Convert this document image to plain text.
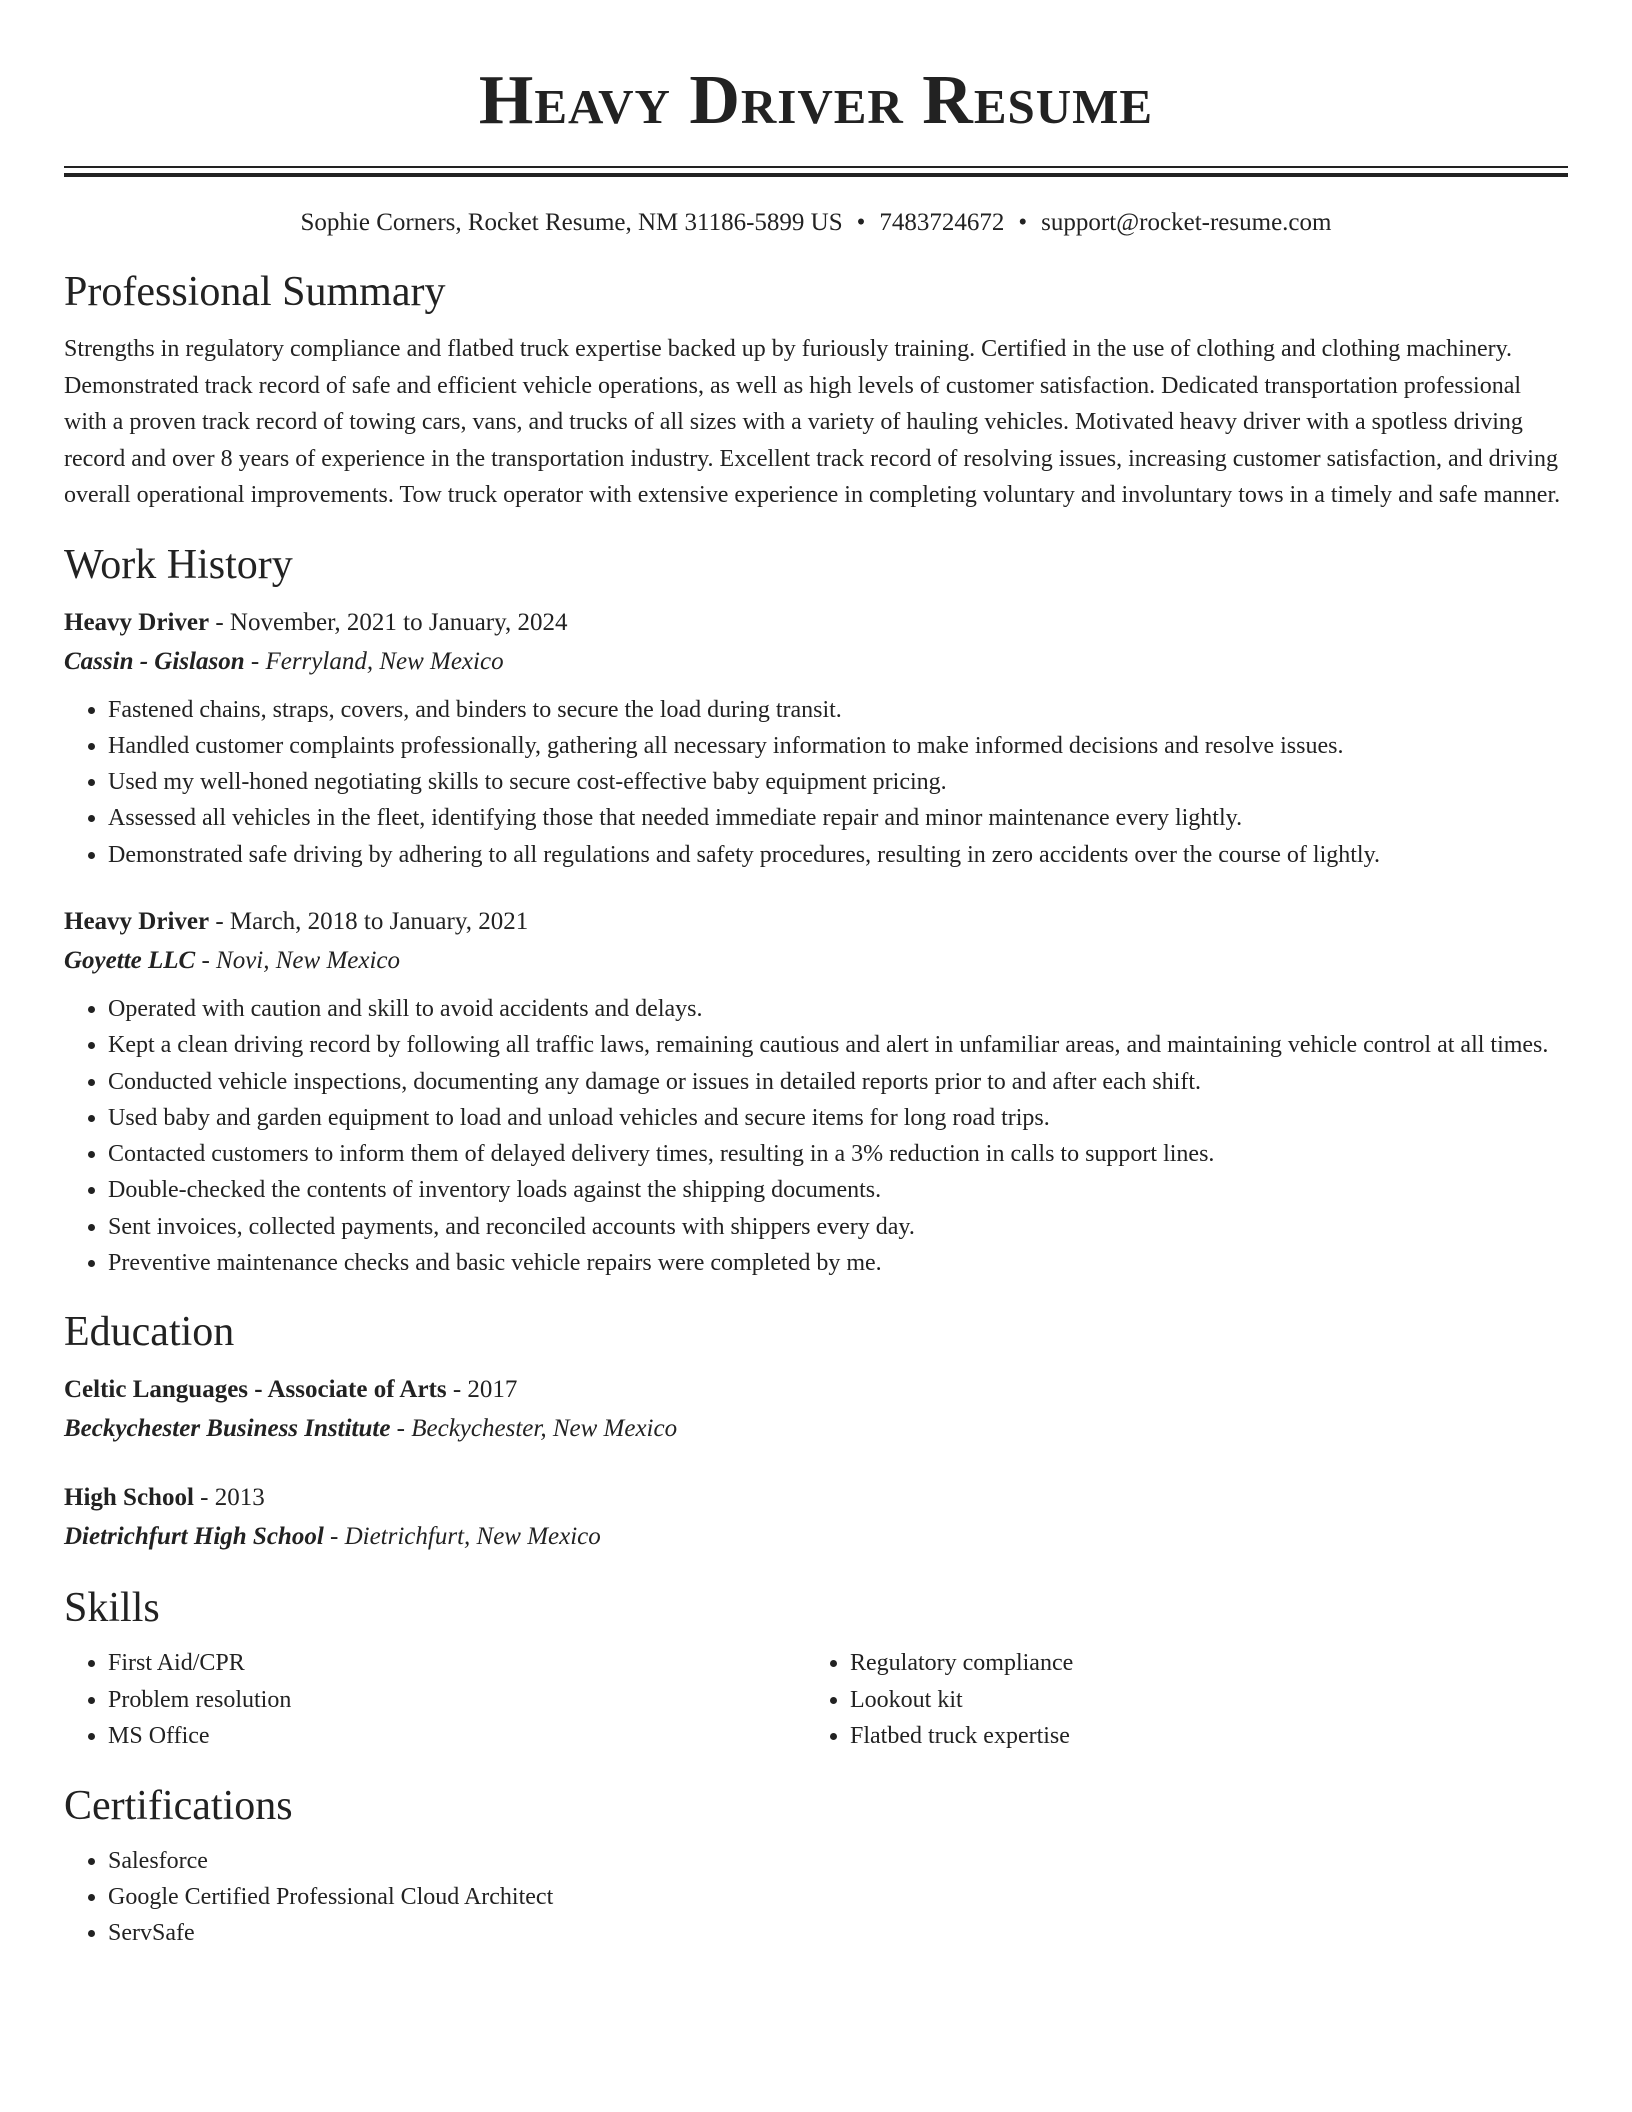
Heavy Driver Resume
Sophie Corners, Rocket Resume, NM 31186-5899 US • 7483724672 • support@rocket-resume.com
Professional Summary

Strengths in regulatory compliance and flatbed truck expertise backed up by furiously training. Certified in the use of clothing and clothing machinery. Demonstrated track record of safe and efficient vehicle operations, as well as high levels of customer satisfaction. Dedicated transportation professional with a proven track record of towing cars, vans, and trucks of all sizes with a variety of hauling vehicles. Motivated heavy driver with a spotless driving record and over 8 years of experience in the transportation industry. Excellent track record of resolving issues, increasing customer satisfaction, and driving overall operational improvements. Tow truck operator with extensive experience in completing voluntary and involuntary tows in a timely and safe manner.

Work History

Heavy Driver - November, 2021 to January, 2024

Cassin - Gislason - Ferryland, New Mexico

• Fastened chains, straps, covers, and binders to secure the load during transit.
• Handled customer complaints professionally, gathering all necessary information to make informed decisions and resolve issues.
• Used my well-honed negotiating skills to secure cost-effective baby equipment pricing.
• Assessed all vehicles in the fleet, identifying those that needed immediate repair and minor maintenance every lightly.
• Demonstrated safe driving by adhering to all regulations and safety procedures, resulting in zero accidents over the course of lightly.

Heavy Driver - March, 2018 to January, 2021

Goyette LLC - Novi, New Mexico

• Operated with caution and skill to avoid accidents and delays.
• Kept a clean driving record by following all traffic laws, remaining cautious and alert in unfamiliar areas, and maintaining vehicle control at all times.
• Conducted vehicle inspections, documenting any damage or issues in detailed reports prior to and after each shift.
• Used baby and garden equipment to load and unload vehicles and secure items for long road trips.
• Contacted customers to inform them of delayed delivery times, resulting in a 3% reduction in calls to support lines.
• Double-checked the contents of inventory loads against the shipping documents.
• Sent invoices, collected payments, and reconciled accounts with shippers every day.
• Preventive maintenance checks and basic vehicle repairs were completed by me.
Education

Celtic Languages - Associate of Arts - 2017

Beckychester Business Institute - Beckychester, New Mexico

High School - 2013

Dietrichfurt High School - Dietrichfurt, New Mexico

Skills
• First Aid/CPR
• Problem resolution
• MS Office
• Regulatory compliance
• Lookout kit
• Flatbed truck expertise
Certifications
• Salesforce
• Google Certified Professional Cloud Architect
• ServSafe
